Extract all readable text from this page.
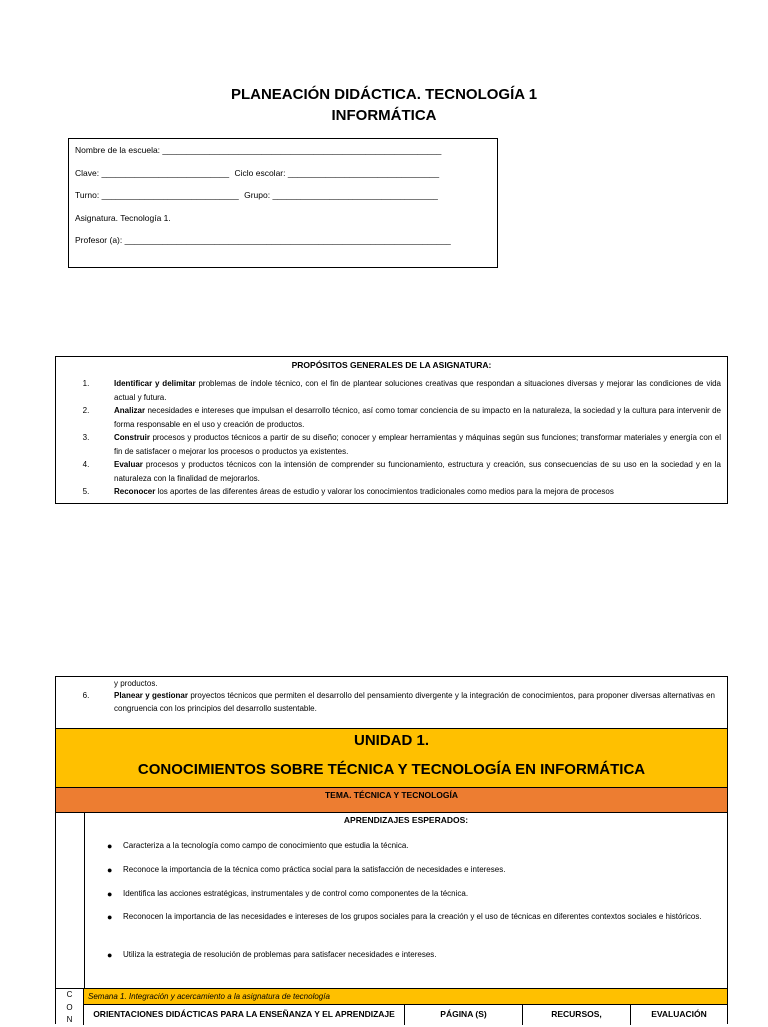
PLANEACIÓN DIDÁCTICA. TECNOLOGÍA 1
INFORMÁTICA
Nombre de la escuela: ___________________________________________________________
Clave: ___________________________ Ciclo escolar: ________________________________
Turno: _____________________________ Grupo: ___________________________________
Asignatura. Tecnología 1.
Profesor (a): _____________________________________________________________________
PROPÓSITOS GENERALES DE LA ASIGNATURA:
1.	Identificar y delimitar problemas de índole técnico, con el fin de plantear soluciones creativas que respondan a situaciones diversas y mejorar las condiciones de vida actual y futura.
2.	Analizar necesidades e intereses que impulsan el desarrollo técnico, así como tomar conciencia de su impacto en la naturaleza, la sociedad y la cultura para intervenir de forma responsable en el uso y creación de productos.
3.	Construir procesos y productos técnicos a partir de su diseño; conocer y emplear herramientas y máquinas según sus funciones; transformar materiales y energía con el fin de satisfacer o mejorar los procesos o productos ya existentes.
4.	Evaluar procesos y productos técnicos con la intensión de comprender su funcionamiento, estructura y creación, sus consecuencias de su uso en la sociedad y en la naturaleza con la finalidad de mejorarlos.
5.	Reconocer los aportes de las diferentes áreas de estudio y valorar los conocimientos tradicionales como medios para la mejora de procesos
y productos.
6.	Planear y gestionar proyectos técnicos que permiten el desarrollo del pensamiento divergente y la integración de conocimientos, para proponer diversas alternativas en congruencia con los principios del desarrollo sustentable.
UNIDAD 1.
CONOCIMIENTOS SOBRE TÉCNICA Y TECNOLOGÍA EN INFORMÁTICA
TEMA. TÉCNICA Y TECNOLOGÍA
APRENDIZAJES ESPERADOS:
●	Caracteriza a la tecnología como campo de conocimiento que estudia la técnica.
●	Reconoce la importancia de la técnica como práctica social para la satisfacción de necesidades e intereses.
●	Identifica las acciones estratégicas, instrumentales y de control como componentes de la técnica.
●	Reconocen la importancia de las necesidades e intereses de los grupos sociales para la creación y el uso de técnicas en diferentes contextos sociales e históricos.
●	Utiliza la estrategia de resolución de problemas para satisfacer necesidades e intereses.
C
O
N
Semana 1. Integración y acercamiento a la asignatura de tecnología
ORIENTACIONES DIDÁCTICAS PARA LA ENSEÑANZA Y EL APRENDIZAJE	PÁGINA (S)	RECURSOS,	EVALUACIÓN
